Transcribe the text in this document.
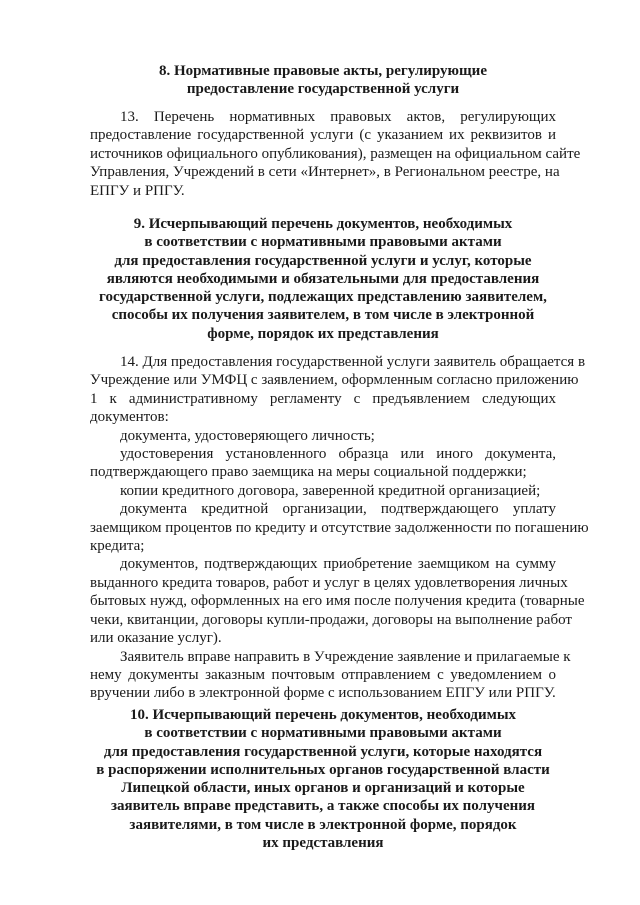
8. Нормативные правовые акты, регулирующие
предоставление государственной услуги
13. Перечень нормативных правовых актов, регулирующих
предоставление государственной услуги (с указанием их реквизитов и
источников официального опубликования), размещен на официальном сайте
Управления, Учреждений в сети «Интернет», в Региональном реестре, на
ЕПГУ и РПГУ.
9. Исчерпывающий перечень документов, необходимых
в соответствии с нормативными правовыми актами
для предоставления государственной услуги и услуг, которые
являются необходимыми и обязательными для предоставления
государственной услуги, подлежащих представлению заявителем,
способы их получения заявителем, в том числе в электронной
форме, порядок их представления
14. Для предоставления государственной услуги заявитель обращается в
Учреждение или УМФЦ с заявлением, оформленным согласно приложению
1 к административному регламенту с предъявлением следующих
документов:
документа, удостоверяющего личность;
удостоверения установленного образца или иного документа,
подтверждающего право заемщика на меры социальной поддержки;
копии кредитного договора, заверенной кредитной организацией;
документа кредитной организации, подтверждающего уплату
заемщиком процентов по кредиту и отсутствие задолженности по погашению
кредита;
документов, подтверждающих приобретение заемщиком на сумму
выданного кредита товаров, работ и услуг в целях удовлетворения личных
бытовых нужд, оформленных на его имя после получения кредита (товарные
чеки, квитанции, договоры купли-продажи, договоры на выполнение работ
или оказание услуг).
Заявитель вправе направить в Учреждение заявление и прилагаемые к
нему документы заказным почтовым отправлением с уведомлением о
вручении либо в электронной форме с использованием ЕПГУ или РПГУ.
10. Исчерпывающий перечень документов, необходимых
в соответствии с нормативными правовыми актами
для предоставления государственной услуги, которые находятся
в распоряжении исполнительных органов государственной власти
Липецкой области, иных органов и организаций и которые
заявитель вправе представить, а также способы их получения
заявителями, в том числе в электронной форме, порядок
их представления
